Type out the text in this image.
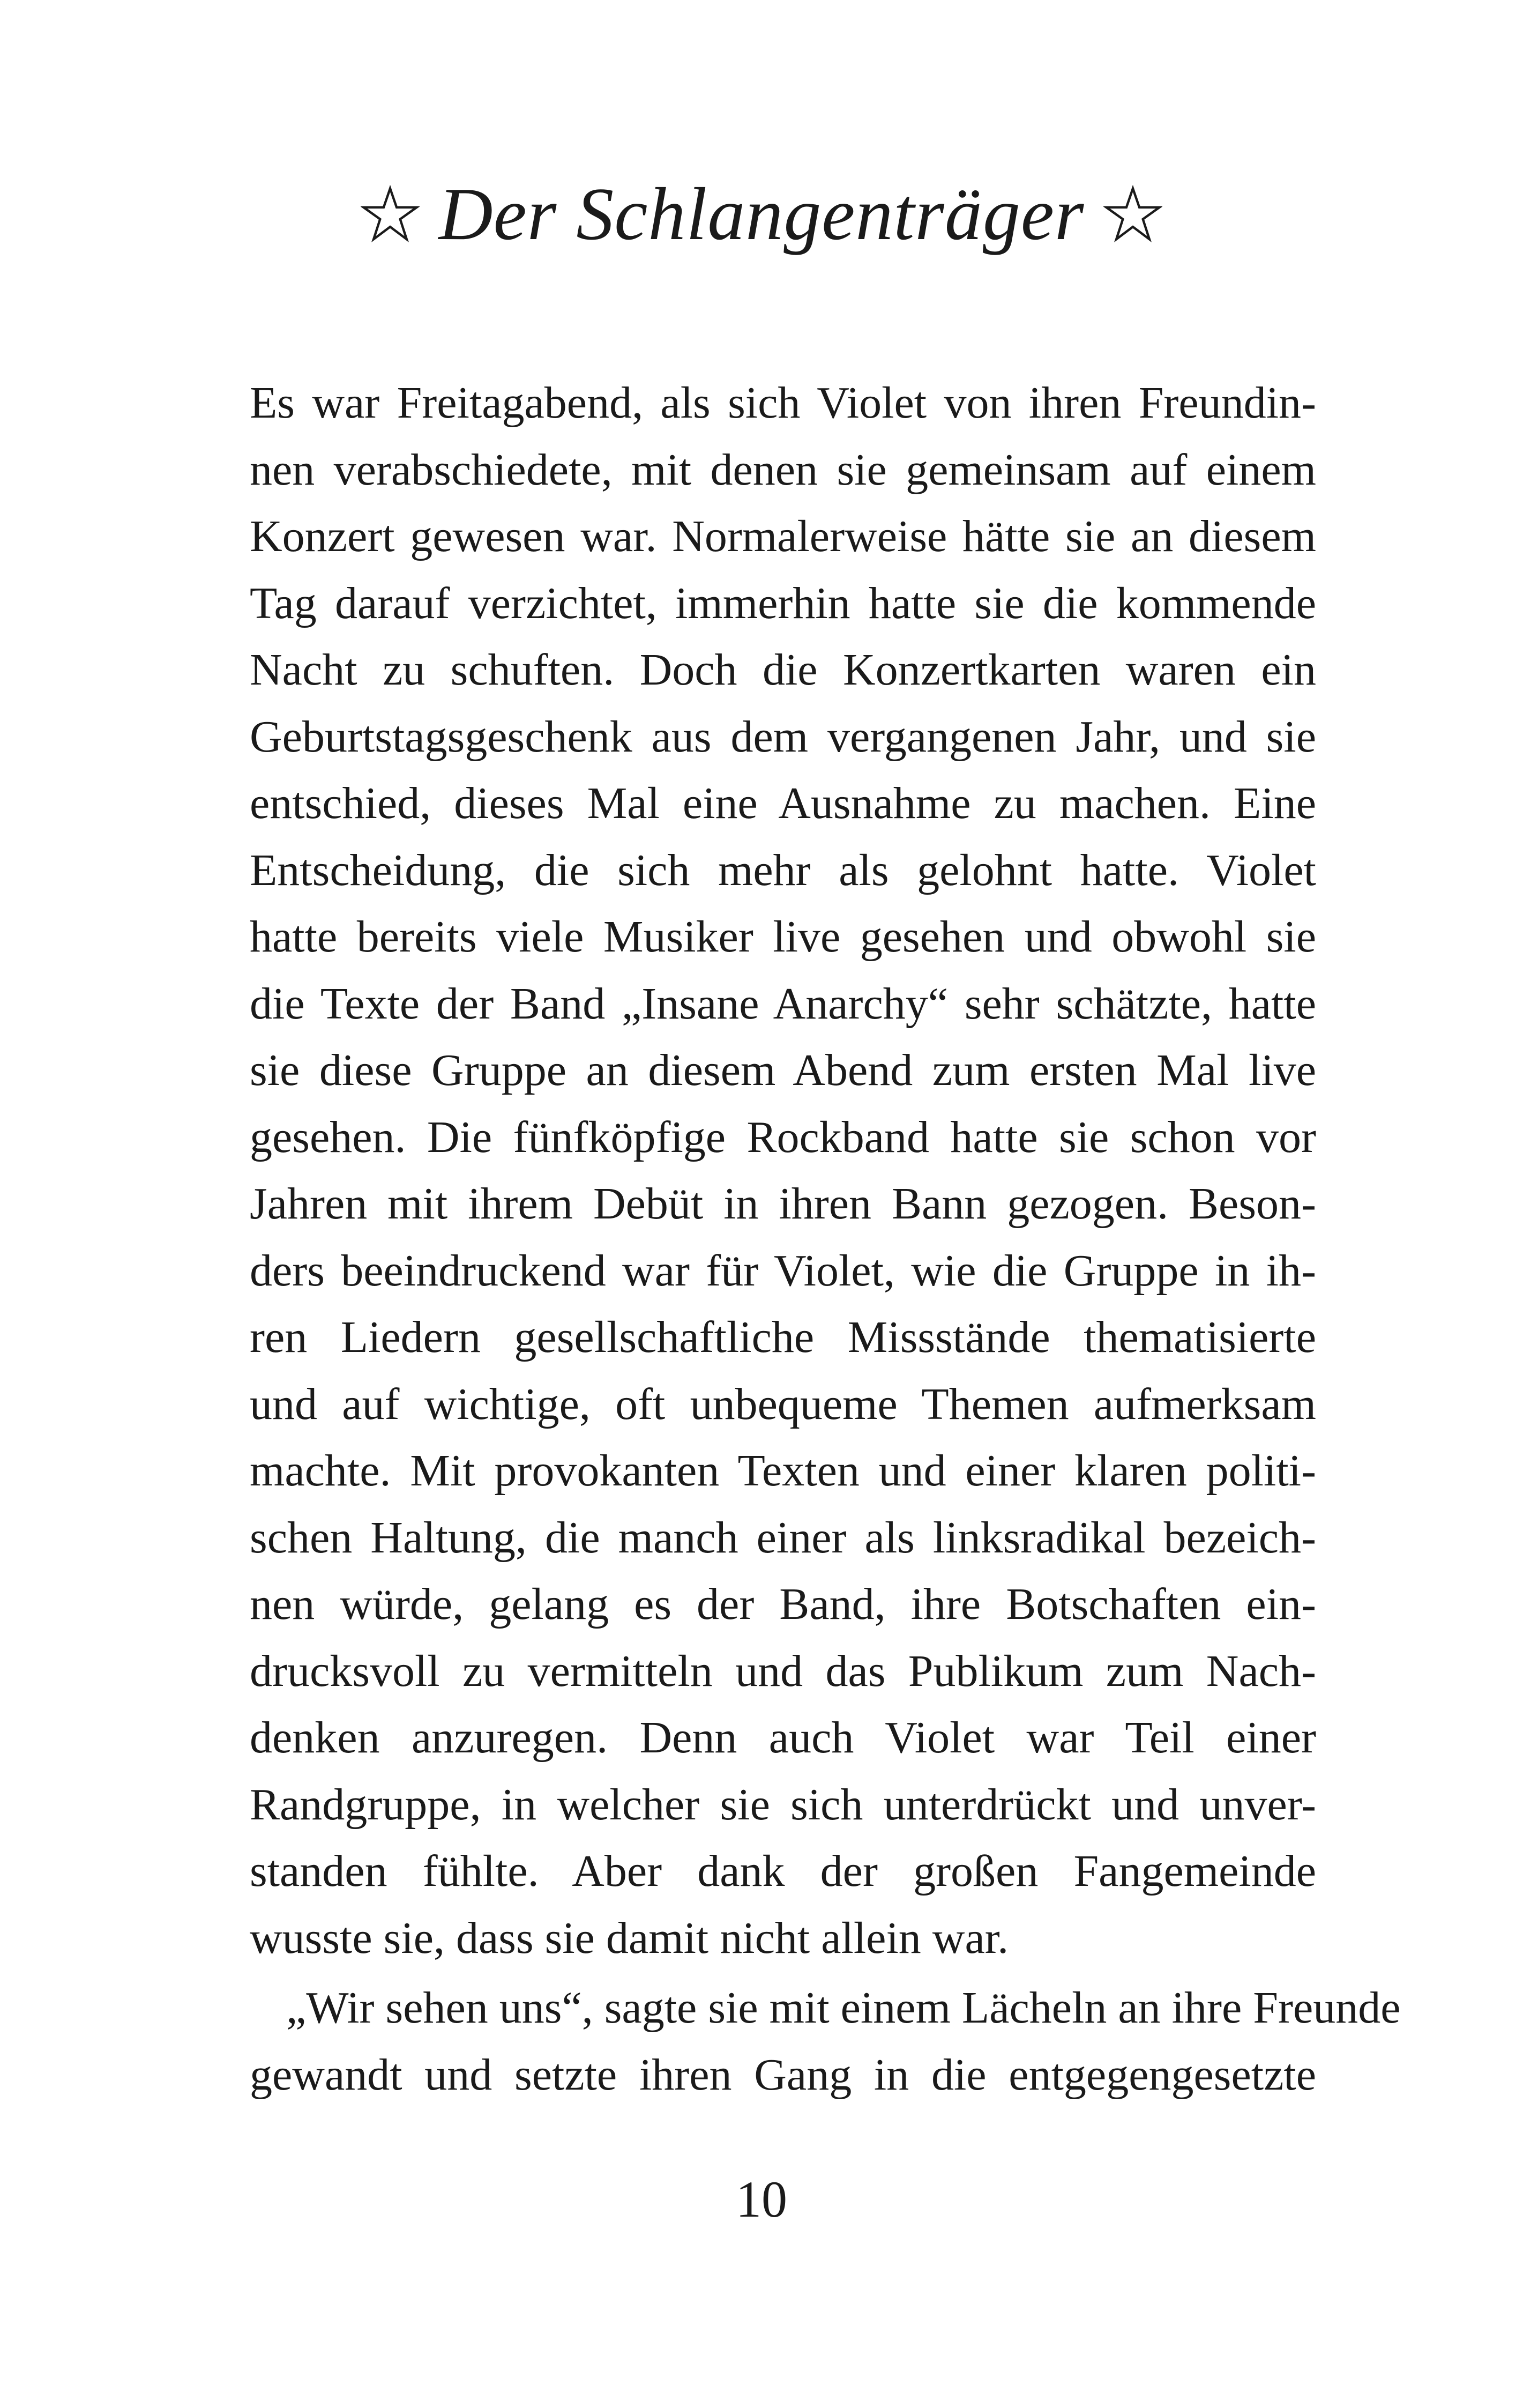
Der Schlangenträger
Es war Freitagabend, als sich Violet von ihren Freundin-
nen verabschiedete, mit denen sie gemeinsam auf einem
Konzert gewesen war. Normalerweise hätte sie an diesem
Tag darauf verzichtet, immerhin hatte sie die kommende
Nacht zu schuften. Doch die Konzertkarten waren ein
Geburtstagsgeschenk aus dem vergangenen Jahr, und sie
entschied, dieses Mal eine Ausnahme zu machen. Eine
Entscheidung, die sich mehr als gelohnt hatte. Violet
hatte bereits viele Musiker live gesehen und obwohl sie
die Texte der Band „Insane Anarchy“ sehr schätzte, hatte
sie diese Gruppe an diesem Abend zum ersten Mal live
gesehen. Die fünfköpfige Rockband hatte sie schon vor
Jahren mit ihrem Debüt in ihren Bann gezogen. Beson-
ders beeindruckend war für Violet, wie die Gruppe in ih-
ren Liedern gesellschaftliche Missstände thematisierte
und auf wichtige, oft unbequeme Themen aufmerksam
machte. Mit provokanten Texten und einer klaren politi-
schen Haltung, die manch einer als linksradikal bezeich-
nen würde, gelang es der Band, ihre Botschaften ein-
drucksvoll zu vermitteln und das Publikum zum Nach-
denken anzuregen. Denn auch Violet war Teil einer
Randgruppe, in welcher sie sich unterdrückt und unver-
standen fühlte. Aber dank der großen Fangemeinde
wusste sie, dass sie damit nicht allein war.
„Wir sehen uns“, sagte sie mit einem Lächeln an ihre Freunde
gewandt und setzte ihren Gang in die entgegengesetzte
10
